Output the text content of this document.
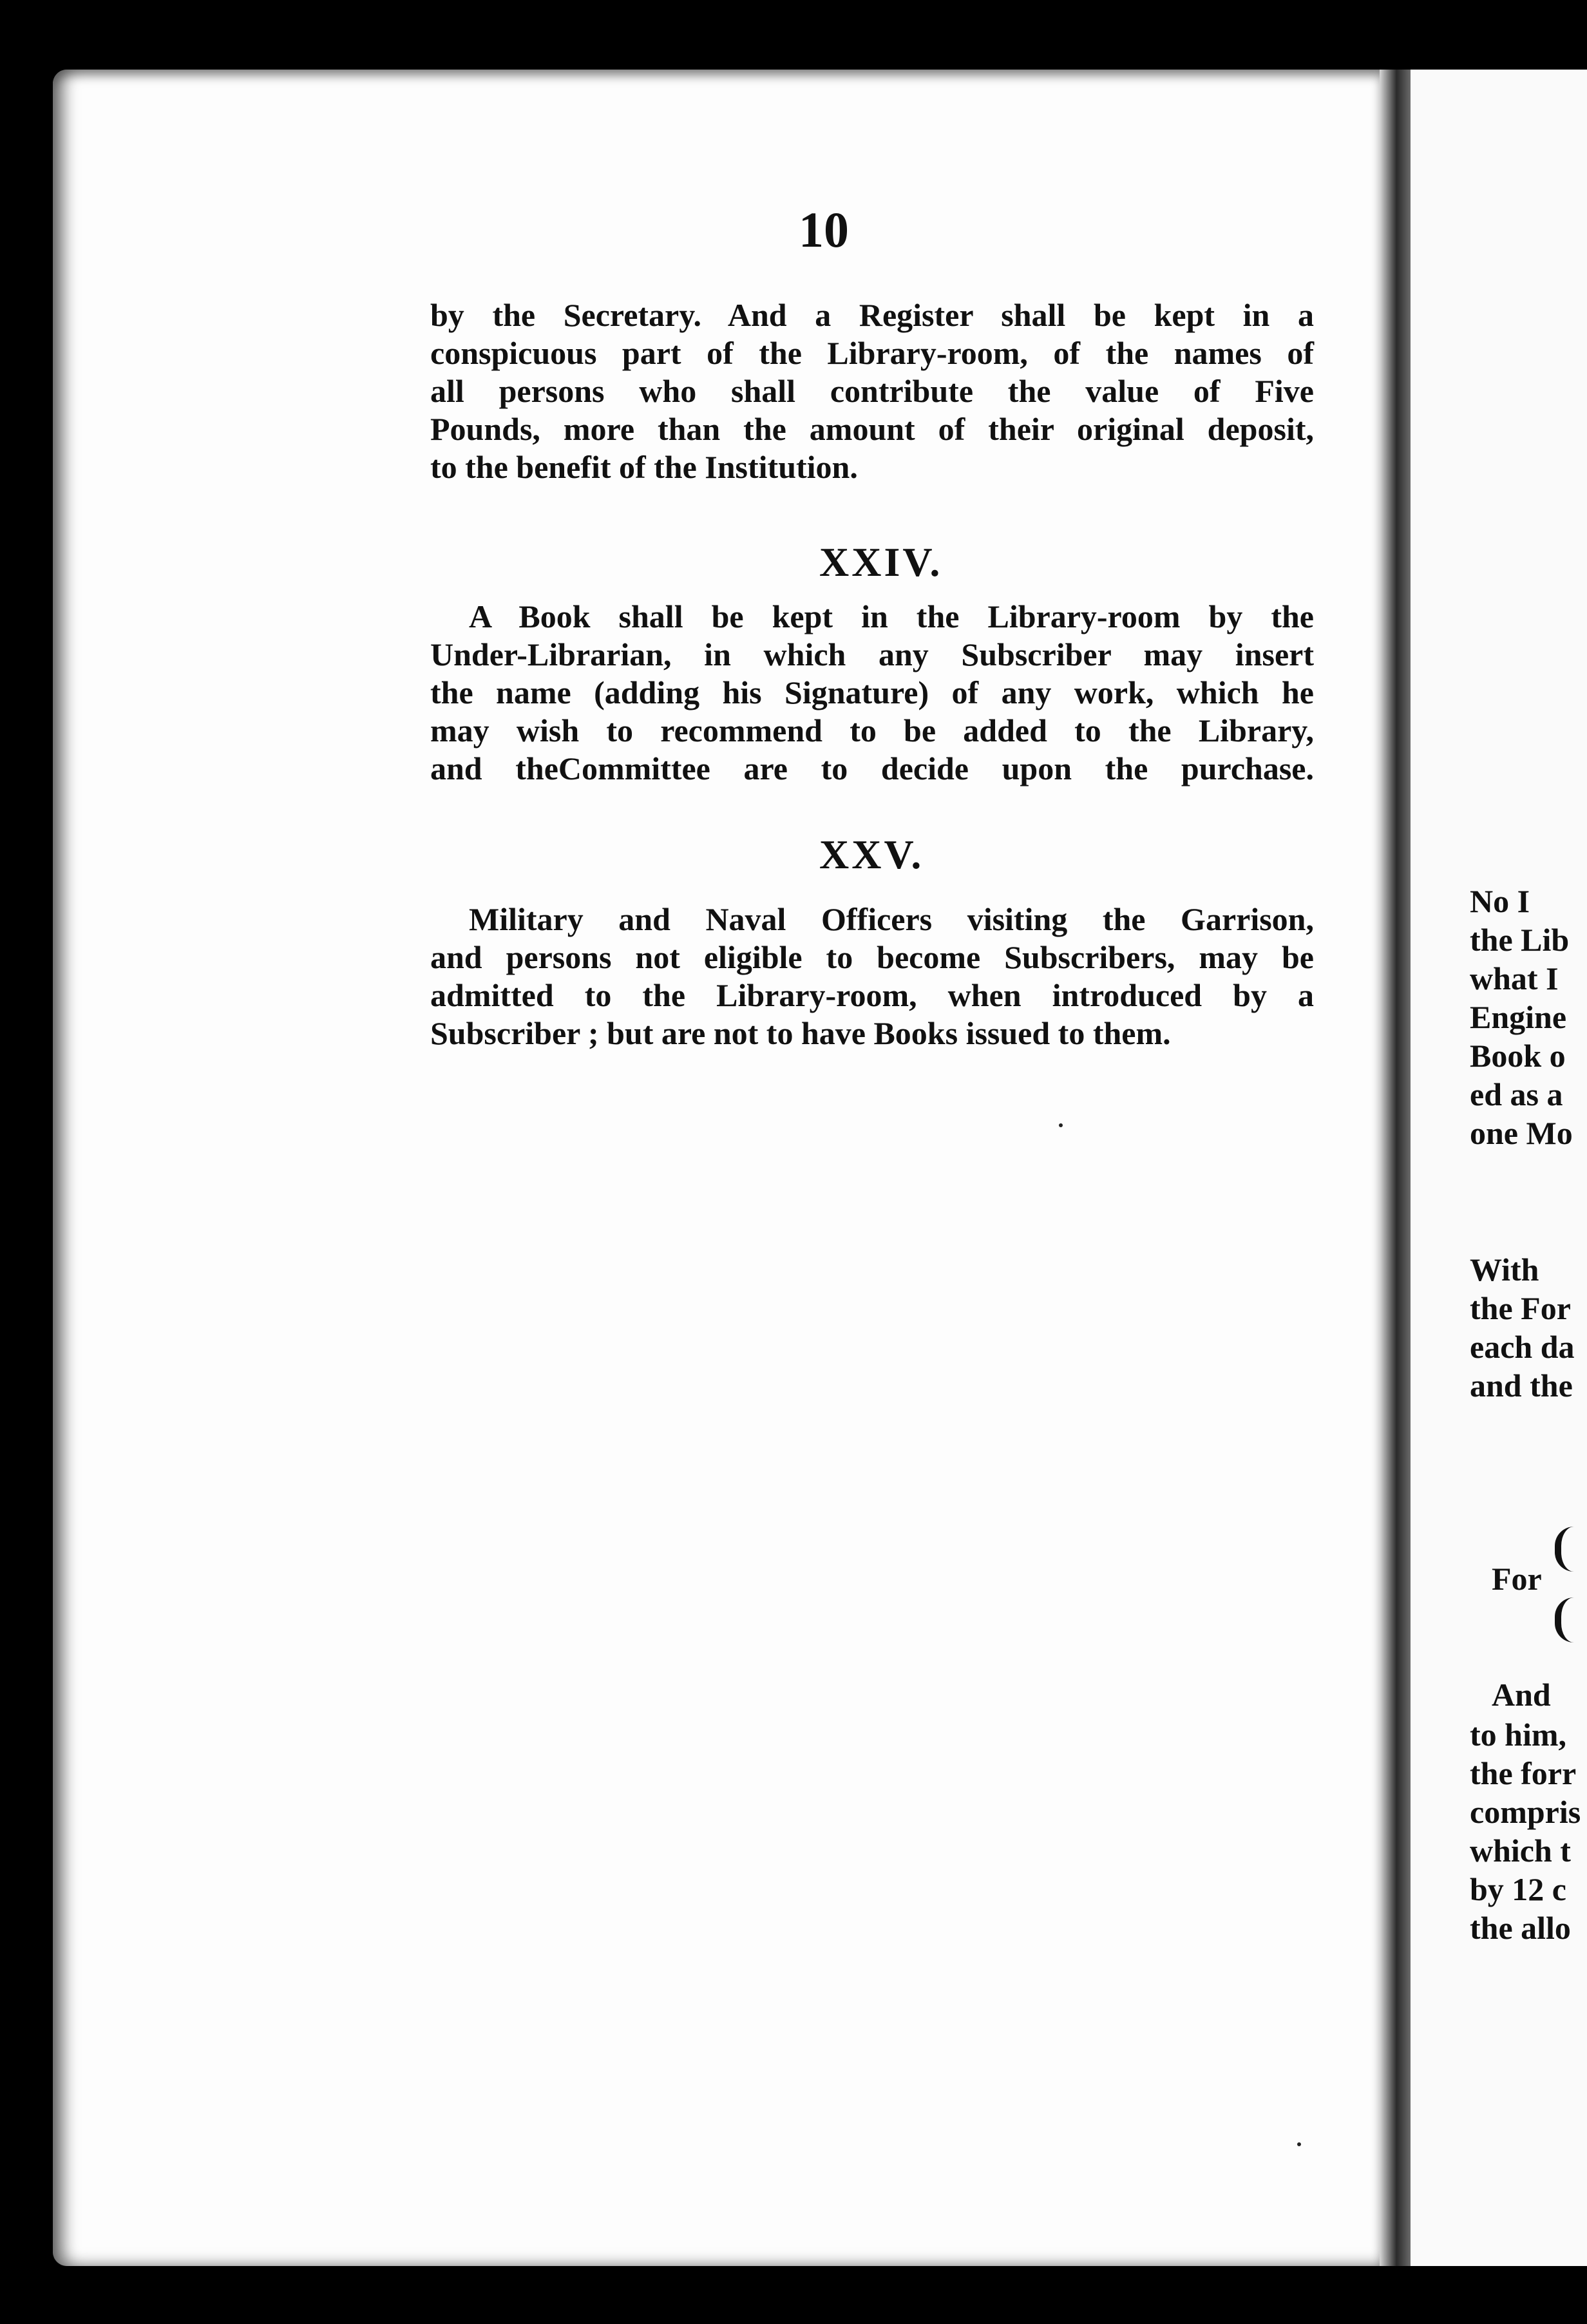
No I
the Lib
what I
Engine
Book o
ed as a
one Mo
With
the For
each da
and the
For
And
to him,
the forr
compris
which t
by 12 c
the allo
10
by the Secretary. And a Register shall be kept in a
conspicuous part of the Library-room, of the names of
all persons who shall contribute the value of Five
Pounds, more than the amount of their original deposit,
to the benefit of the Institution.
XXIV.
A Book shall be kept in the Library-room by the
Under-Librarian, in which any Subscriber may insert
the name (adding his Signature) of any work, which he
may wish to recommend to be added to the Library,
and theCommittee are to decide upon the purchase.
XXV.
Military and Naval Officers visiting the Garrison,
and persons not eligible to become Subscribers, may be
admitted to the Library-room, when introduced by a
Subscriber ; but are not to have Books issued to them.
